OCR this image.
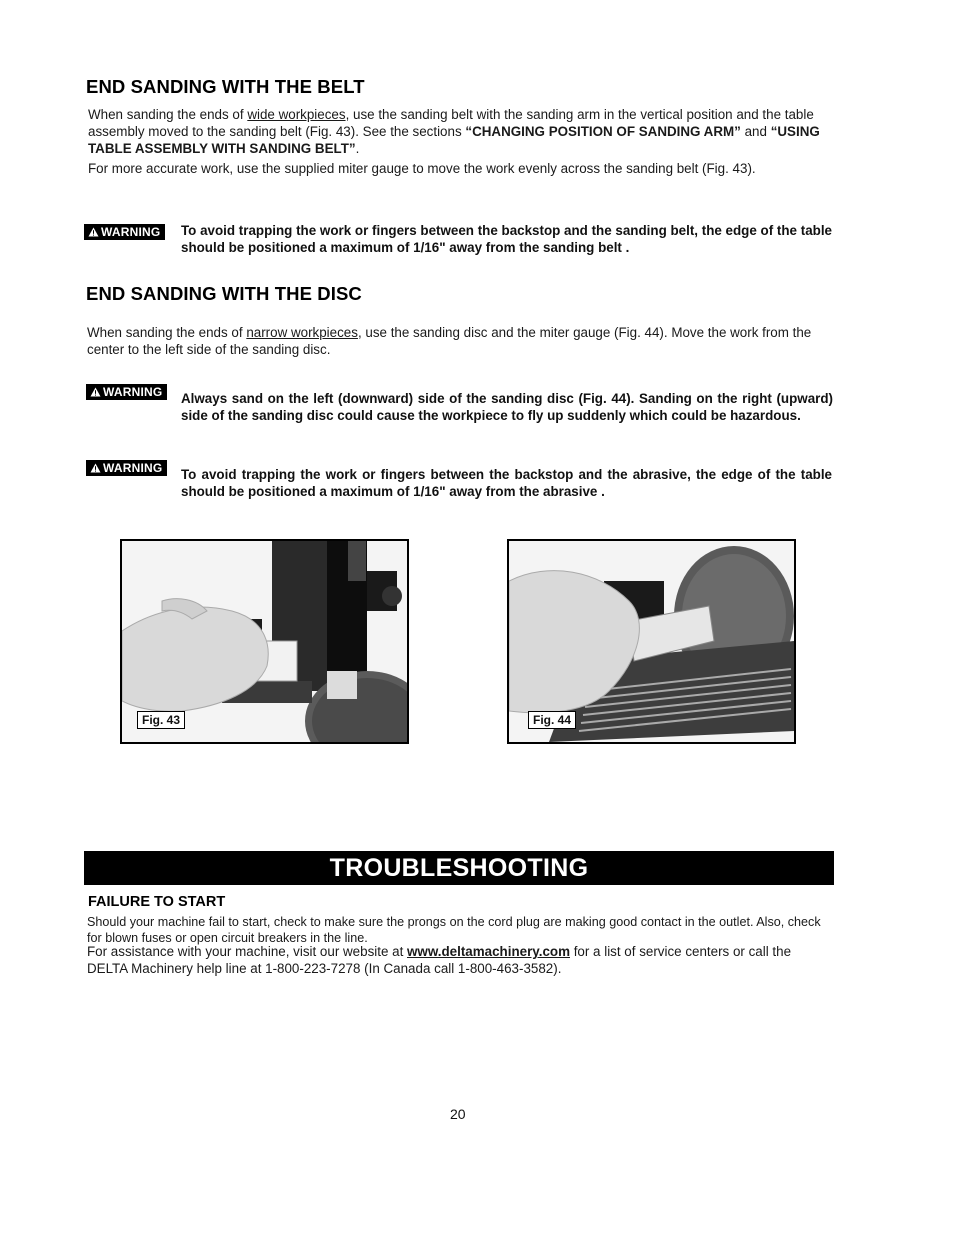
END SANDING WITH THE BELT
When sanding the ends of wide workpieces, use the sanding belt with the sanding arm in the vertical position and the table assembly moved to the sanding belt (Fig. 43). See the sections “CHANGING POSITION OF SANDING ARM” and “USING TABLE ASSEMBLY WITH SANDING BELT”.
For more accurate work, use the supplied miter gauge to move the work evenly across the sanding belt (Fig. 43).
WARNING To avoid trapping the work or fingers between the backstop and the sanding belt, the edge of the table should be positioned a maximum of 1/16" away from the sanding belt .
END SANDING WITH THE DISC
When sanding the ends of narrow workpieces, use the sanding disc and the miter gauge (Fig. 44). Move the work from the center to the left side of the sanding disc.
WARNING Always sand on the left (downward) side of the sanding disc (Fig. 44). Sanding on the right (upward) side of the sanding disc could cause the workpiece to fly up suddenly which could be hazardous.
WARNING To avoid trapping the work or fingers between the backstop and the abrasive, the edge of the table should be positioned a maximum of 1/16" away from the abrasive .
Fig. 43	Fig. 44
TROUBLESHOOTING
FAILURE TO START
Should your machine fail to start, check to make sure the prongs on the cord plug are making good contact in the outlet. Also, check for blown fuses or open circuit breakers in the line.
For assistance with your machine, visit our website at www.deltamachinery.com for a list of service centers or call the DELTA Machinery help line at 1-800-223-7278 (In Canada call 1-800-463-3582).
20
